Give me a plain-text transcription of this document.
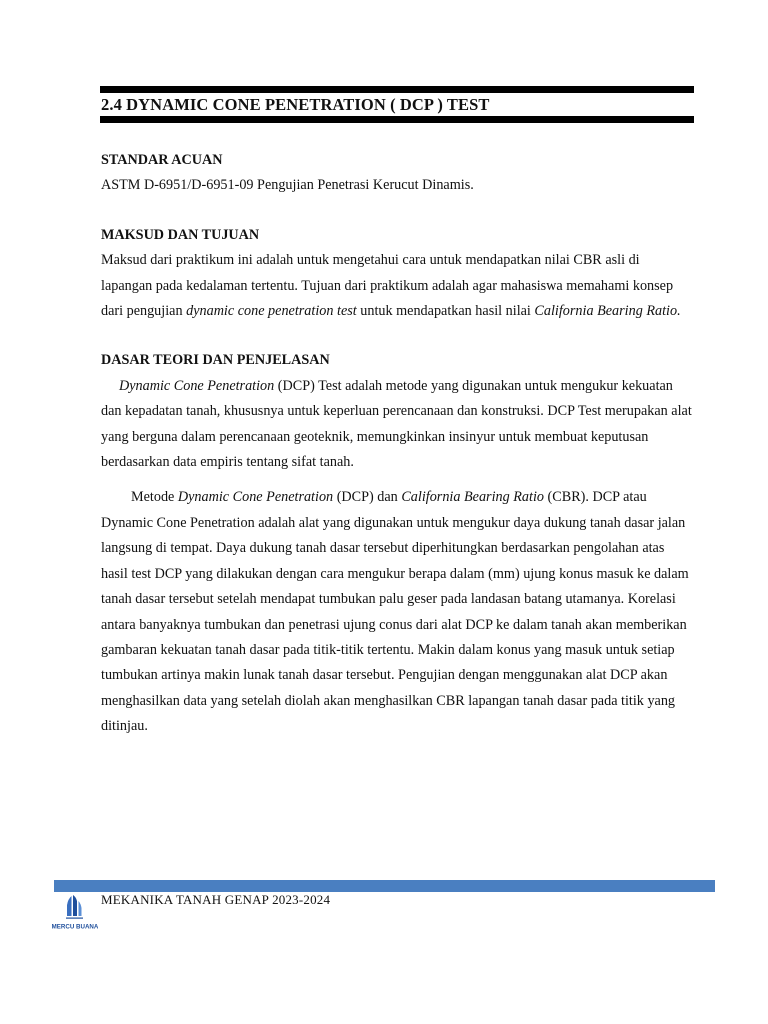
2.4 DYNAMIC CONE PENETRATION ( DCP ) TEST

STANDAR ACUAN

ASTM D-6951/D-6951-09 Pengujian Penetrasi Kerucut Dinamis.

MAKSUD DAN TUJUAN

Maksud dari praktikum ini adalah untuk mengetahui cara untuk mendapatkan nilai CBR asli di lapangan pada kedalaman tertentu. Tujuan dari praktikum adalah agar mahasiswa memahami konsep dari pengujian dynamic cone penetration test untuk mendapatkan hasil nilai California Bearing Ratio.

DASAR TEORI DAN PENJELASAN

Dynamic Cone Penetration (DCP) Test adalah metode yang digunakan untuk mengukur kekuatan dan kepadatan tanah, khususnya untuk keperluan perencanaan dan konstruksi. DCP Test merupakan alat yang berguna dalam perencanaan geoteknik, memungkinkan insinyur untuk membuat keputusan berdasarkan data empiris tentang sifat tanah.

Metode Dynamic Cone Penetration (DCP) dan California Bearing Ratio (CBR). DCP atau Dynamic Cone Penetration adalah alat yang digunakan untuk mengukur daya dukung tanah dasar jalan langsung di tempat. Daya dukung tanah dasar tersebut diperhitungkan berdasarkan pengolahan atas hasil test DCP yang dilakukan dengan cara mengukur berapa dalam (mm) ujung konus masuk ke dalam tanah dasar tersebut setelah mendapat tumbukan palu geser pada landasan batang utamanya. Korelasi antara banyaknya tumbukan dan penetrasi ujung conus dari alat DCP ke dalam tanah akan memberikan gambaran kekuatan tanah dasar pada titik-titik tertentu. Makin dalam konus yang masuk untuk setiap tumbukan artinya makin lunak tanah dasar tersebut. Pengujian dengan menggunakan alat DCP akan menghasilkan data yang setelah diolah akan menghasilkan CBR lapangan tanah dasar pada titik yang ditinjau.

MEKANIKA TANAH GENAP 2023-2024
MERCU BUANA
